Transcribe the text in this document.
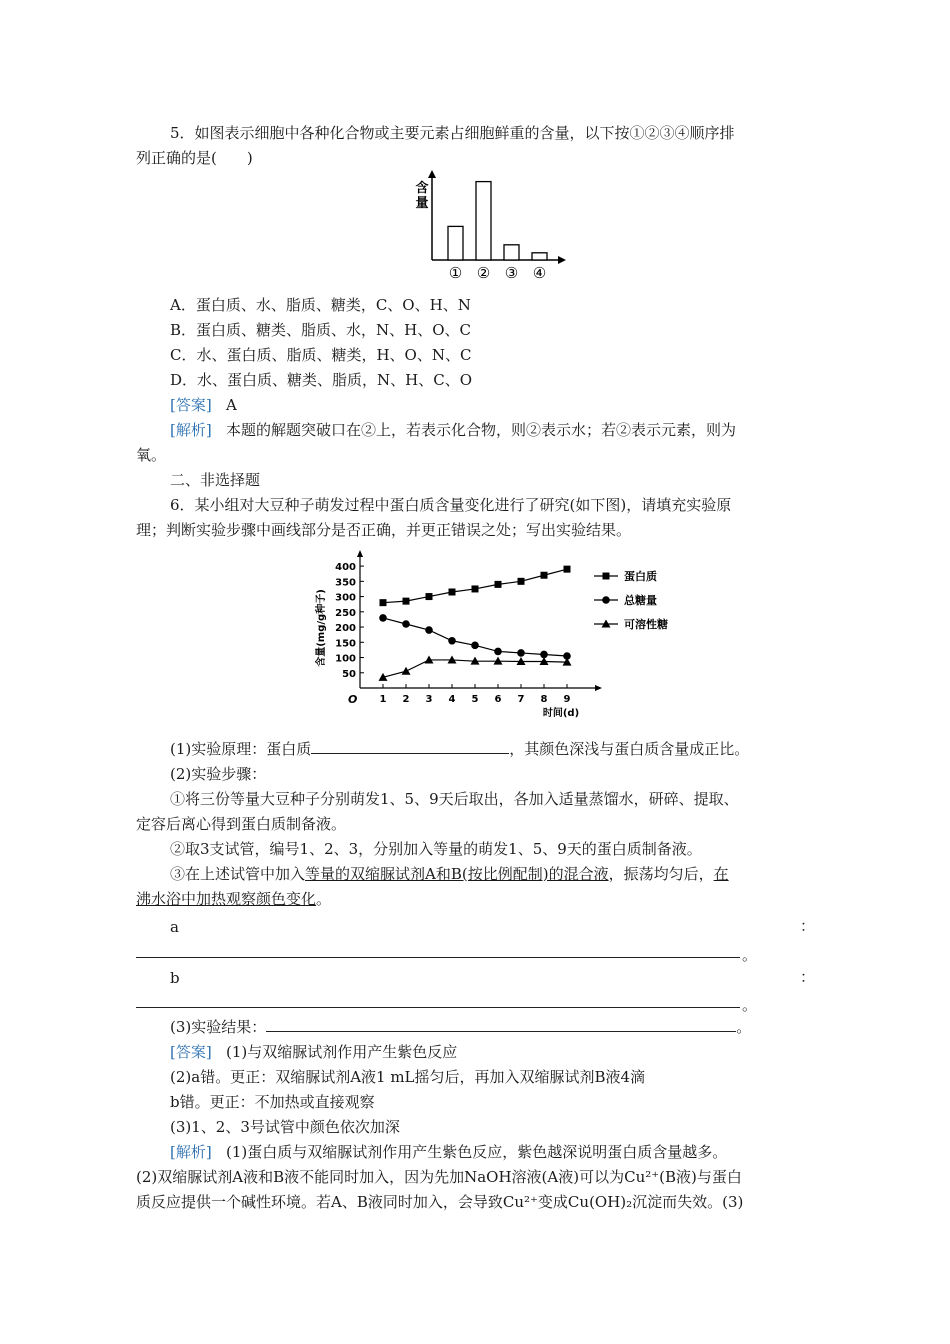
5．如图表示细胞中各种化合物或主要元素占细胞鲜重的含量，以下按①②③④顺序排
列正确的是(　　)
含量
① ② ③ ④
A．蛋白质、水、脂质、糖类，C、O、H、N
B．蛋白质、糖类、脂质、水，N、H、O、C
C．水、蛋白质、脂质、糖类，H、O、N、C
D．水、蛋白质、糖类、脂质，N、H、C、O
[答案] A
[解析] 本题的解题突破口在②上，若表示化合物，则②表示水；若②表示元素，则为
氧。
二、非选择题
6．某小组对大豆种子萌发过程中蛋白质含量变化进行了研究(如下图)，请填充实验原
理；判断实验步骤中画线部分是否正确，并更正错误之处；写出实验结果。
O
50
100
150
200
250
300
350
400
1 2 3 4 5 6 7 8 9
时间(d)
含量(mg/g种子)
蛋白质
总糖量
可溶性糖
(1)实验原理：蛋白质	，其颜色深浅与蛋白质含量成正比。
(2)实验步骤：
①将三份等量大豆种子分别萌发1、5、9天后取出，各加入适量蒸馏水，研碎、提取、
定容后离心得到蛋白质制备液。
②取3支试管，编号1、2、3，分别加入等量的萌发1、5、9天的蛋白质制备液。
③在上述试管中加入等量的双缩脲试剂A和B(按比例配制)的混合液，振荡均匀后，在
沸水浴中加热观察颜色变化。
a	：
。
b	：
。
(3)实验结果：	。
[答案] (1)与双缩脲试剂作用产生紫色反应
(2)a错。更正：双缩脲试剂A液1 mL摇匀后，再加入双缩脲试剂B液4滴
b错。更正：不加热或直接观察
(3)1、2、3号试管中颜色依次加深
[解析] (1)蛋白质与双缩脲试剂作用产生紫色反应，紫色越深说明蛋白质含量越多。
(2)双缩脲试剂A液和B液不能同时加入，因为先加NaOH溶液(A液)可以为Cu²⁺(B液)与蛋白
质反应提供一个碱性环境。若A、B液同时加入，会导致Cu²⁺变成Cu(OH)₂沉淀而失效。(3)
